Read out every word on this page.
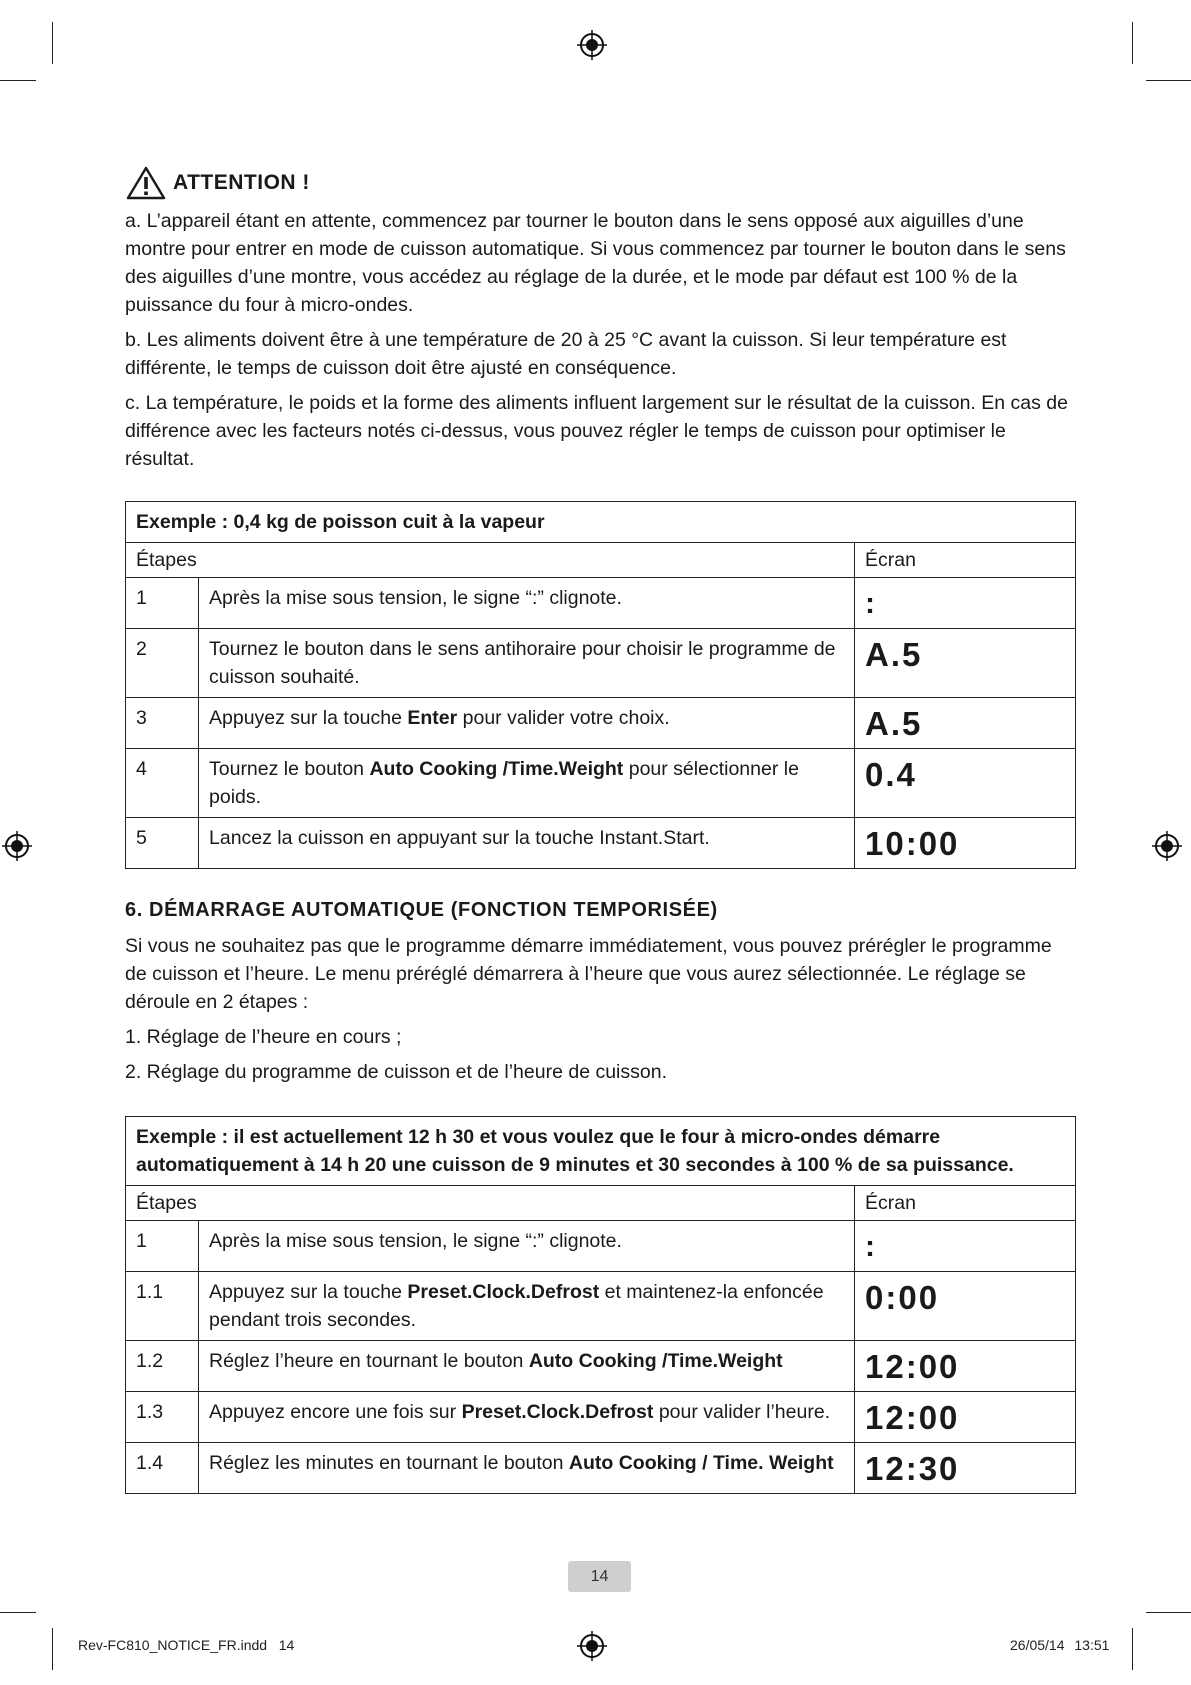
ATTENTION !

a. L’appareil étant en attente, commencez par tourner le bouton dans le sens opposé aux aiguilles d’une montre pour entrer en mode de cuisson automatique. Si vous commencez par tourner le bouton dans le sens des aiguilles d’une montre, vous accédez au réglage de la durée, et le mode par défaut est 100 % de la puissance du four à micro-ondes.

b. Les aliments doivent être à une température de 20 à 25 °C avant la cuisson. Si leur température est différente, le temps de cuisson doit être ajusté en conséquence.

c. La température, le poids et la forme des aliments influent largement sur le résultat de la cuisson. En cas de différence avec les facteurs notés ci-dessus, vous pouvez régler le temps de cuisson pour optimiser le résultat.

Exemple : 0,4 kg de poisson cuit à la vapeur		
Étapes		Écran
1	Après la mise sous tension, le signe “:” clignote.	:
2	Tournez le bouton dans le sens antihoraire pour choisir le programme de cuisson souhaité.	A.5
3	Appuyez sur la touche Enter pour valider votre choix.	A.5
4	Tournez le bouton Auto Cooking /Time.Weight pour sélectionner le poids.	0.4
5	Lancez la cuisson en appuyant sur la touche Instant.Start.	10:00
6. DÉMARRAGE AUTOMATIQUE (FONCTION TEMPORISÉE)

Si vous ne souhaitez pas que le programme démarre immédiatement, vous pouvez prérégler le programme de cuisson et l’heure. Le menu préréglé démarrera à l’heure que vous aurez sélectionnée. Le réglage se déroule en 2 étapes :

1. Réglage de l’heure en cours ;

2. Réglage du programme de cuisson et de l’heure de cuisson.

Exemple : il est actuellement 12 h 30 et vous voulez que le four à micro-ondes démarre automatiquement à 14 h 20 une cuisson de 9 minutes et 30 secondes à 100 % de sa puissance.		
Étapes		Écran
1	Après la mise sous tension, le signe “:” clignote.	:
1.1	Appuyez sur la touche Preset.Clock.Defrost et maintenez-la enfoncée pendant trois secondes.	0:00
1.2	Réglez l’heure en tournant le bouton Auto Cooking /Time.Weight	12:00
1.3	Appuyez encore une fois sur Preset.Clock.Defrost pour valider l’heure.	12:00
1.4	Réglez les minutes en tournant le bouton Auto Cooking / Time. Weight	12:30
14
Rev-FC810_NOTICE_FR.indd   14	26/05/14 13:51
